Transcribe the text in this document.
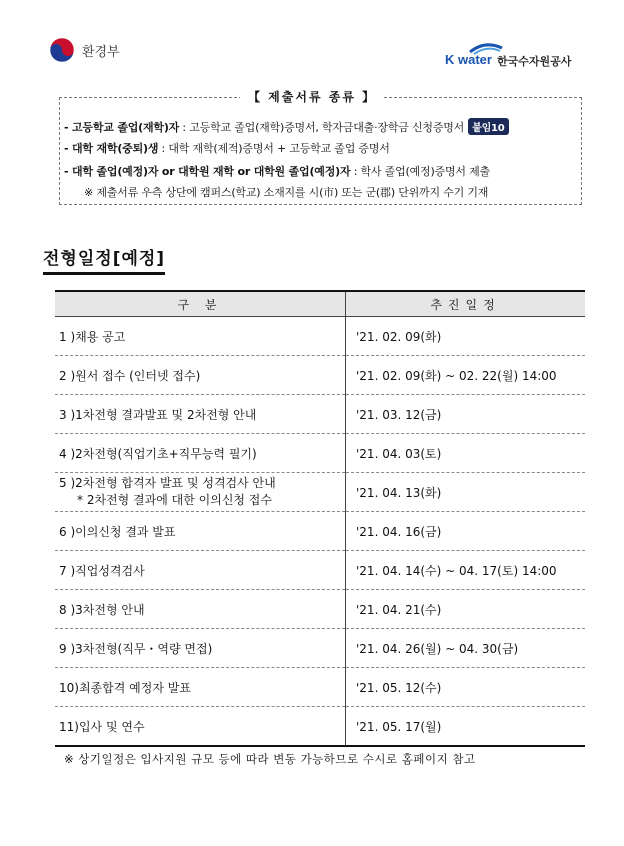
환경부	K water 한국수자원공사
【 제출서류 종류 】
- 고등학교 졸업(재학)자 : 고등학교 졸업(재학)증명서, 학자금대출·장학금 신청증명서 붙임10
- 대학 재학(중퇴)생 : 대학 재학(제적)증명서 + 고등학교 졸업 증명서
- 대학 졸업(예정)자 or 대학원 재학 or 대학원 졸업(예정)자 : 학사 졸업(예정)증명서 제출
※ 제출서류 우측 상단에 캠퍼스(학교) 소재지를 시(市) 또는 군(郡) 단위까지 수기 기재
전형일정[예정]
구 분	추진일정
1 )채용 공고	'21. 02. 09(화)
2 )원서 접수 (인터넷 접수)	'21. 02. 09(화) ~ 02. 22(월) 14:00
3 )1차전형 결과발표 및 2차전형 안내	'21. 03. 12(금)
4 )2차전형(직업기초+직무능력 필기)	'21. 04. 03(토)
5 )2차전형 합격자 발표 및 성격검사 안내
* 2차전형 결과에 대한 이의신청 접수	'21. 04. 13(화)
6 )이의신청 결과 발표	'21. 04. 16(금)
7 )직업성격검사	'21. 04. 14(수) ~ 04. 17(토) 14:00
8 )3차전형 안내	'21. 04. 21(수)
9 )3차전형(직무・역량 면접)	'21. 04. 26(월) ~ 04. 30(금)
10)최종합격 예정자 발표	'21. 05. 12(수)
11)입사 및 연수	'21. 05. 17(월)
※ 상기일정은 입사지원 규모 등에 따라 변동 가능하므로 수시로 홈페이지 참고
